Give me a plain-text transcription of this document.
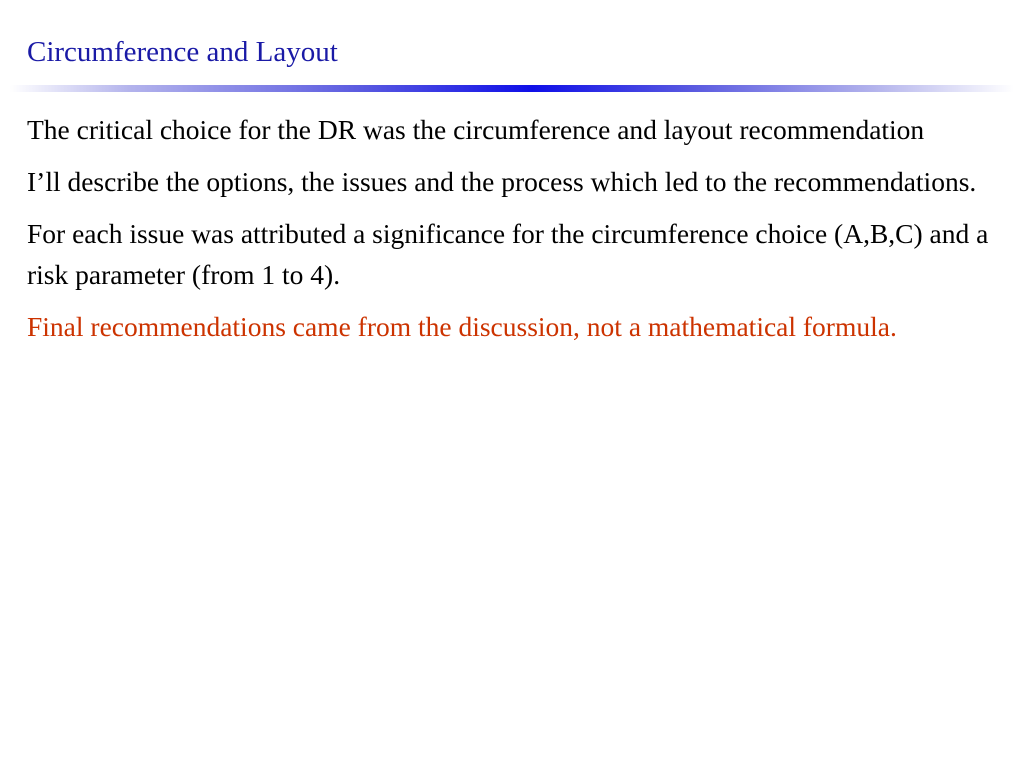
Circumference and Layout

The critical choice for the DR was the circumference and layout recommendation

I’ll describe the options, the issues and the process which led to the recommendations.

For each issue was attributed a significance for the circumference choice (A,B,C) and a risk parameter (from 1 to 4).

Final recommendations came from the discussion, not a mathematical formula.
